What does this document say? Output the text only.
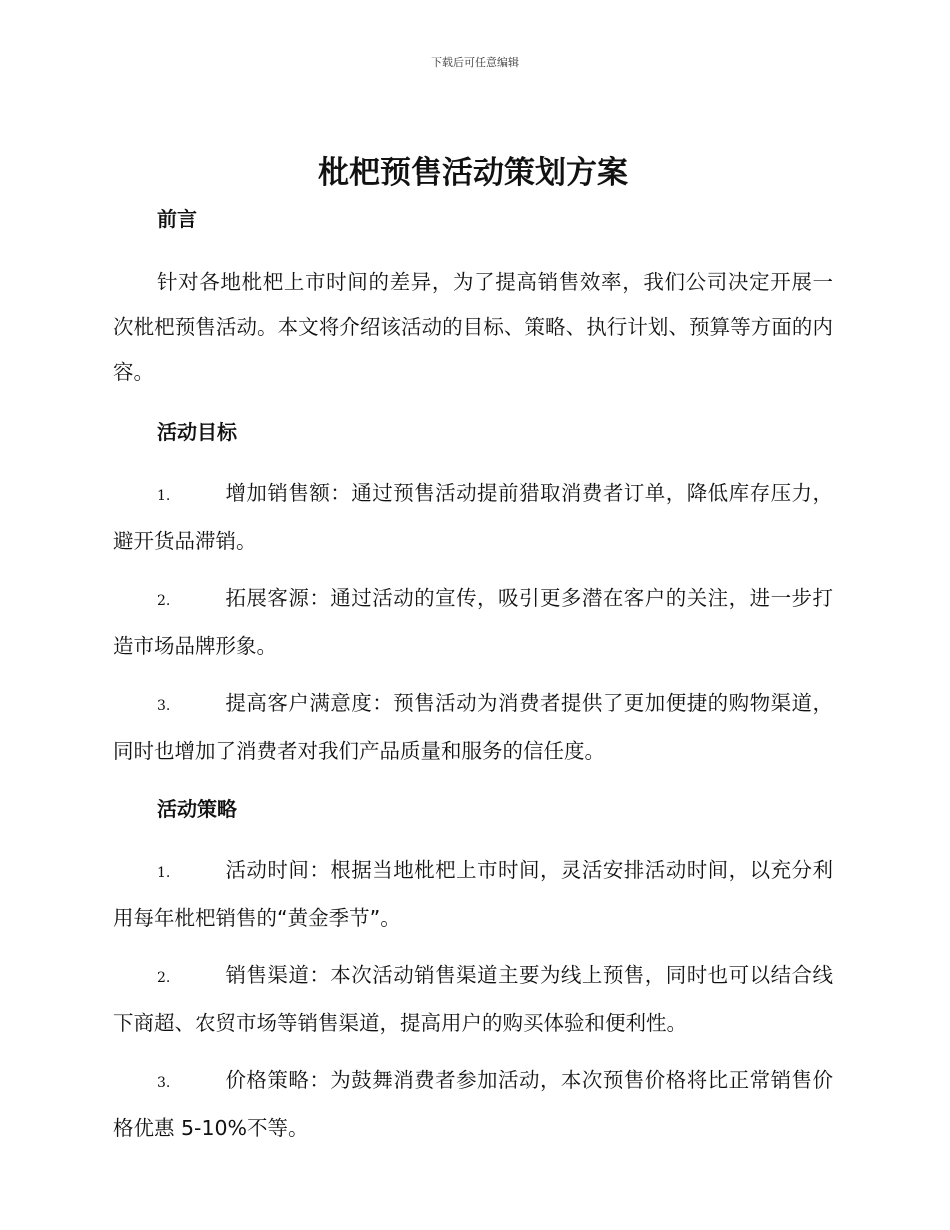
下载后可任意编辑
枇杷预售活动策划方案
前言

针对各地枇杷上市时间的差异，为了提高销售效率，我们公司决定开展一次枇杷预售活动。本文将介绍该活动的目标、策略、执行计划、预算等方面的内容。

活动目标

1.	增加销售额：通过预售活动提前猎取消费者订单，降低库存压力，避开货品滞销。

2.	拓展客源：通过活动的宣传，吸引更多潜在客户的关注，进一步打造市场品牌形象。

3.	提高客户满意度：预售活动为消费者提供了更加便捷的购物渠道，同时也增加了消费者对我们产品质量和服务的信任度。

活动策略

1.	活动时间：根据当地枇杷上市时间，灵活安排活动时间，以充分利用每年枇杷销售的“黄金季节”。

2.	销售渠道：本次活动销售渠道主要为线上预售，同时也可以结合线下商超、农贸市场等销售渠道，提高用户的购买体验和便利性。

3.	价格策略：为鼓舞消费者参加活动，本次预售价格将比正常销售价格优惠 5-10%不等。
